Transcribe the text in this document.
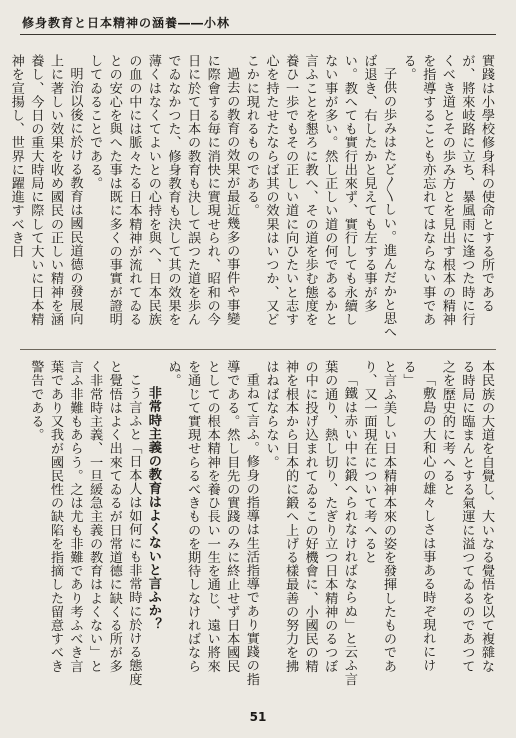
修身教育と日本精神の涵養――小林

實踐は小學校修身科の使命とする所であるが、將來岐路に立ち、暴風雨に逢つた時に行くべき道とその歩み方とを見出す根本の精神を指導することも亦忘れてはならない事である。

子供の歩みはたど〳〵しい。進んだかと思へば退き、右したかと見えても左する事が多い。教へても實行出來ず、實行しても永續しない事が多い。然し正しい道の何であるかと言ふことを懇ろに教へ、その道を歩む態度を養ひ一歩でもその正しい道に向ひたいと志す心を持たせたならば其の效果はいつか、又どこかに現れるものである。

過去の教育の效果が最近幾多の事件や事變に際會する毎に消快に實現せられ、昭和の今日に於て日本の教育も決して誤つた道を歩んでゐなかつた、修身教育も決して其の效果を薄くはなくてよいとの心持を與へ、日本民族の血の中には脈々たる日本精神が流れてゐるとの安心を與へた事は既に多くの事實が證明してゐることである。

明治以後に於ける教育は國民道德の發展向上に著しい效果を收め國民の正しい精神を涵養し、今日の重大時局に際して大いに日本精神を宣揚し、世界に躍進すべき日

本民族の大道を自覺し、大いなる覺悟を以て複雜なる時局に臨まんとする氣運に溢つてゐるのであつて之を歷史的に考へると

「敷島の大和心の雄々しさは事ある時ぞ現れにける」

と言ふ美しい日本精神本來の姿を發揮したものであり、又一面現在について考へると

「鐵は赤い中に鍛へられなければならぬ」と云ふ言葉の通り、熱し切り、たぎり立つ日本精神のるつぼの中に投げ込まれてゐるこの好機會に、小國民の精神を根本から日本的に鍛へ上げる樣最善の努力を拂はねばならない。

重ねて言ふ。修身の指導は生活指導であり實踐の指導である。然し目先の實踐のみに終止せず日本國民としての根本精神を養ひ長い一生を通じ、遠い將來を通じて實現せらるべきものを期待しなければならぬ。

非常時主義の教育はよくないと言ふか？

こう言ふと「日本人は如何にも非常時に於ける態度と覺悟はよく出來てゐるが日常道德に缺くる所が多く非常時主義、一旦緩急主義の教育はよくない」と言ふ非難もあらう。之は尤も非難であり考ふべき言葉であり又我が國民性の缺陷を指摘した留意すべき警告である。

51
